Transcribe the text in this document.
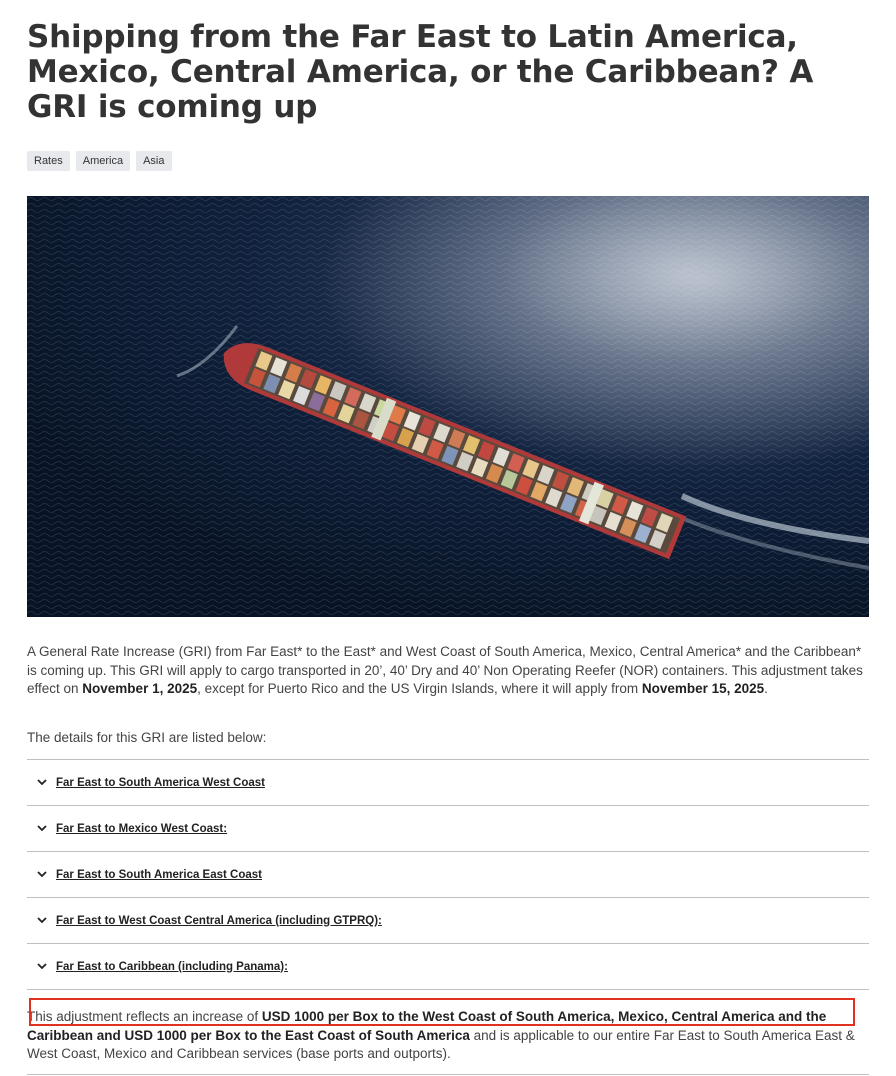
Shipping from the Far East to Latin America, Mexico, Central America, or the Caribbean? A GRI is coming up
Rates	America	Asia

A General Rate Increase (GRI) from Far East* to the East* and West Coast of South America, Mexico, Central America* and the Caribbean* is coming up. This GRI will apply to cargo transported in 20’, 40’ Dry and 40’ Non Operating Reefer (NOR) containers. This adjustment takes effect on November 1, 2025, except for Puerto Rico and the US Virgin Islands, where it will apply from November 15, 2025.

The details for this GRI are listed below:

Far East to South America West Coast
Far East to Mexico West Coast:
Far East to South America East Coast
Far East to West Coast Central America (including GTPRQ):
Far East to Caribbean (including Panama):

This adjustment reflects an increase of USD 1000 per Box to the West Coast of South America, Mexico, Central America and the Caribbean and USD 1000 per Box to the East Coast of South America and is applicable to our entire Far East to South America East & West Coast, Mexico and Caribbean services (base ports and outports).
